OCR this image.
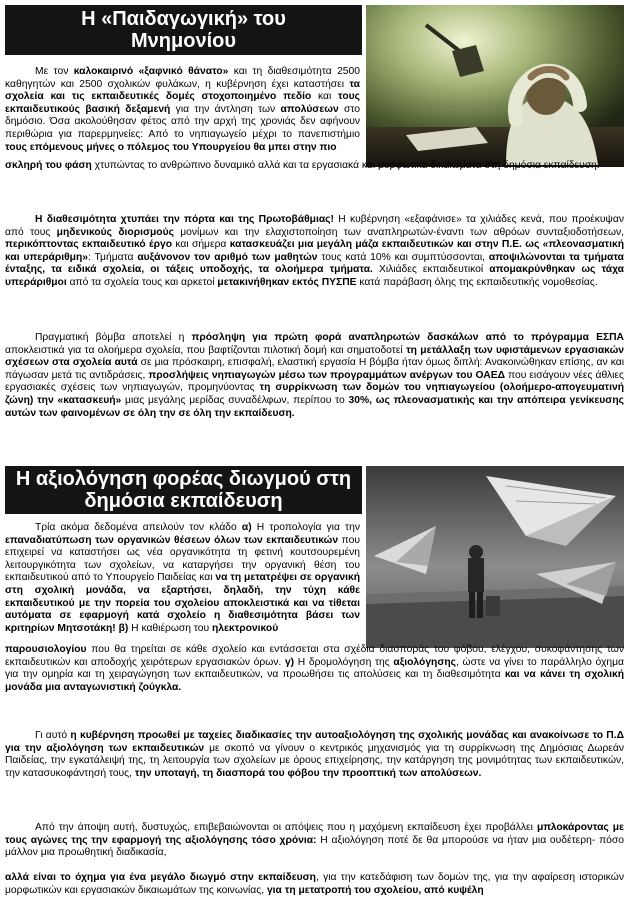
Η «Παιδαγωγική» του
Μνημονίου

Με τον καλοκαιρινό «ξαφνικό θάνατο» και τη διαθεσιμότητα 2500 καθηγητών και 2500 σχολικών φυλάκων, η κυβέρνηση έχει καταστήσει τα σχολεία και τις εκπαιδευτικές δομές στοχοποιημένο πεδίο και τους εκπαιδευτικούς βασική δεξαμενή για την άντληση των απολύσεων στο δημόσιο. Όσα ακολούθησαν φέτος από την αρχή της χρονιάς δεν αφήνουν περιθώρια για παρερμηνείες: Από το νηπιαγωγείο μέχρι το πανεπιστήμιο τους επόμενους μήνες ο πόλεμος του Υπουργείου θα μπει στην πιο

σκληρή του φάση χτυπώντας το ανθρώπινο δυναμικό αλλά και τα εργασιακά και μορφωτικά δικαιώματα στη δημόσια εκπαίδευση.

Η διαθεσιμότητα χτυπάει την πόρτα και της Πρωτοβάθμιας! Η κυβέρνηση «εξαφάνισε» τα χιλιάδες κενά, που προέκυψαν από τους μηδενικούς διορισμούς μονίμων και την ελαχιστοποίηση των αναπληρωτών-έναντι των αθρόων συνταξιοδοτήσεων, περικόπτοντας εκπαιδευτικό έργο και σήμερα κατασκευάζει μια μεγάλη μάζα εκπαιδευτικών και στην Π.Ε. ως «πλεονασματική και υπεράριθμη»: Τμήματα αυξάνονον τον αριθμό των μαθητών τους κατά 10% και συμπτύσσονται, αποψιλώνονται τα τμήματα ένταξης, τα ειδικά σχολεία, οι τάξεις υποδοχής, τα ολοήμερα τμήματα. Χιλιάδες εκπαιδευτικοί απομακρύνθηκαν ως τάχα υπεράριθμοι από τα σχολεία τους και αρκετοί μετακινήθηκαν εκτός ΠΥΣΠΕ κατά παράβαση όλης της εκπαιδευτικής νομοθεσίας.

Πραγματική βόμβα αποτελεί η πρόσληψη για πρώτη φορά αναπληρωτών δασκάλων από το πρόγραμμα ΕΣΠΑ αποκλειστικά για τα ολοήμερα σχολεία, που βαφτίζονται πιλοτική δομή και σηματοδοτεί τη μετάλλαξη των υφιστάμενων εργασιακών σχέσεων στα σχολεία αυτά σε μια πρόσκαιρη, επισφαλή, ελαστική εργασία Η βόμβα ήταν όμως διπλή: Ανακοινώθηκαν επίσης, αν και πάγωσαν μετά τις αντιδράσεις, προσλήψεις νηπιαγωγών μέσω των προγραμμάτων ανέργων του ΟΑΕΔ που εισάγουν νέες άθλιες εργασιακές σχέσεις των νηπιαγωγών, προμηνύοντας τη συρρίκνωση των δομών του νηπιαγωγείου (ολοήμερο-απογευματινή ζώνη) την «κατασκευή» μιας μεγάλης μερίδας συναδέλφων, περίπου το 30%, ως πλεονασματικής και την απόπειρα γενίκευσης αυτών των φαινομένων σε όλη την σε όλη την εκπαίδευση.

Η αξιολόγηση φορέας διωγμού στη
δημόσια εκπαίδευση

Τρία ακόμα δεδομένα απειλούν τον κλάδο α) Η τροπολογία για την επαναδιατύπωση των οργανικών θέσεων όλων των εκπαιδευτικών που επιχειρεί να καταστήσει ως νέα οργανικότητα τη φετινή κουτσουρεμένη λειτουργικότητα των σχολείων, να καταργήσει την οργανική θέση του εκπαιδευτικού από το Υπουργείο Παιδείας και να τη μετατρέψει σε οργανική στη σχολική μονάδα, να εξαρτήσει, δηλαδή, την τύχη κάθε εκπαιδευτικού με την πορεία του σχολείου αποκλειστικά και να τίθεται αυτόματα σε εφαρμογή κατά σχολείο η διαθεσιμότητα βάσει των κριτηρίων Μητσοτάκη! β) Η καθιέρωση του ηλεκτρονικού

παρουσιολογίου που θα τηρείται σε κάθε σχολείο και εντάσσεται στα σχέδια διασποράς του φόβου, ελέγχου, συκοφάντησης των εκπαιδευτικών και αποδοχής χειρότερων εργασιακών όρων. γ) Η δρομολόγηση της αξιολόγησης, ώστε να γίνει το παράλληλο όχημα για την ομηρία και τη χειραγώγηση των εκπαιδευτικών, να προωθήσει τις απολύσεις και τη διαθεσιμότητα και να κάνει τη σχολική μονάδα μια ανταγωνιστική ζούγκλα.

Γι αυτό η κυβέρνηση προωθεί με ταχείες διαδικασίες την αυτοαξιολόγηση της σχολικής μονάδας και ανακοίνωσε το Π.Δ για την αξιολόγηση των εκπαιδευτικών με σκοπό να γίνουν ο κεντρικός μηχανισμός για τη συρρίκνωση της Δημόσιας Δωρεάν Παιδείας, την εγκατάλειψή της, τη λειτουργία των σχολείων με όρους επιχείρησης, την κατάργηση της μονιμότητας των εκπαιδευτικών, την κατασυκοφάντησή τους, την υποταγή, τη διασπορά του φόβου την προοπτική των απολύσεων.

Από την άποψη αυτή, δυστυχώς, επιβεβαιώνονται οι απόψεις που η μαχόμενη εκπαίδευση έχει προβάλλει μπλοκάροντας με τους αγώνες της την εφαρμογή της αξιολόγησης τόσο χρόνια: Η αξιολόγηση ποτέ δε θα μπορούσε να ήταν μια ουδέτερη- πόσο μάλλον μια προωθητική διαδικασία,

αλλά είναι το όχημα για ένα μεγάλο διωγμό στην εκπαίδευση, για την κατεδάφιση των δομών της, για την αφαίρεση ιστορικών μορφωτικών και εργασιακών δικαιωμάτων της κοινωνίας, για τη μετατροπή του σχολείου, από κυψέλη
